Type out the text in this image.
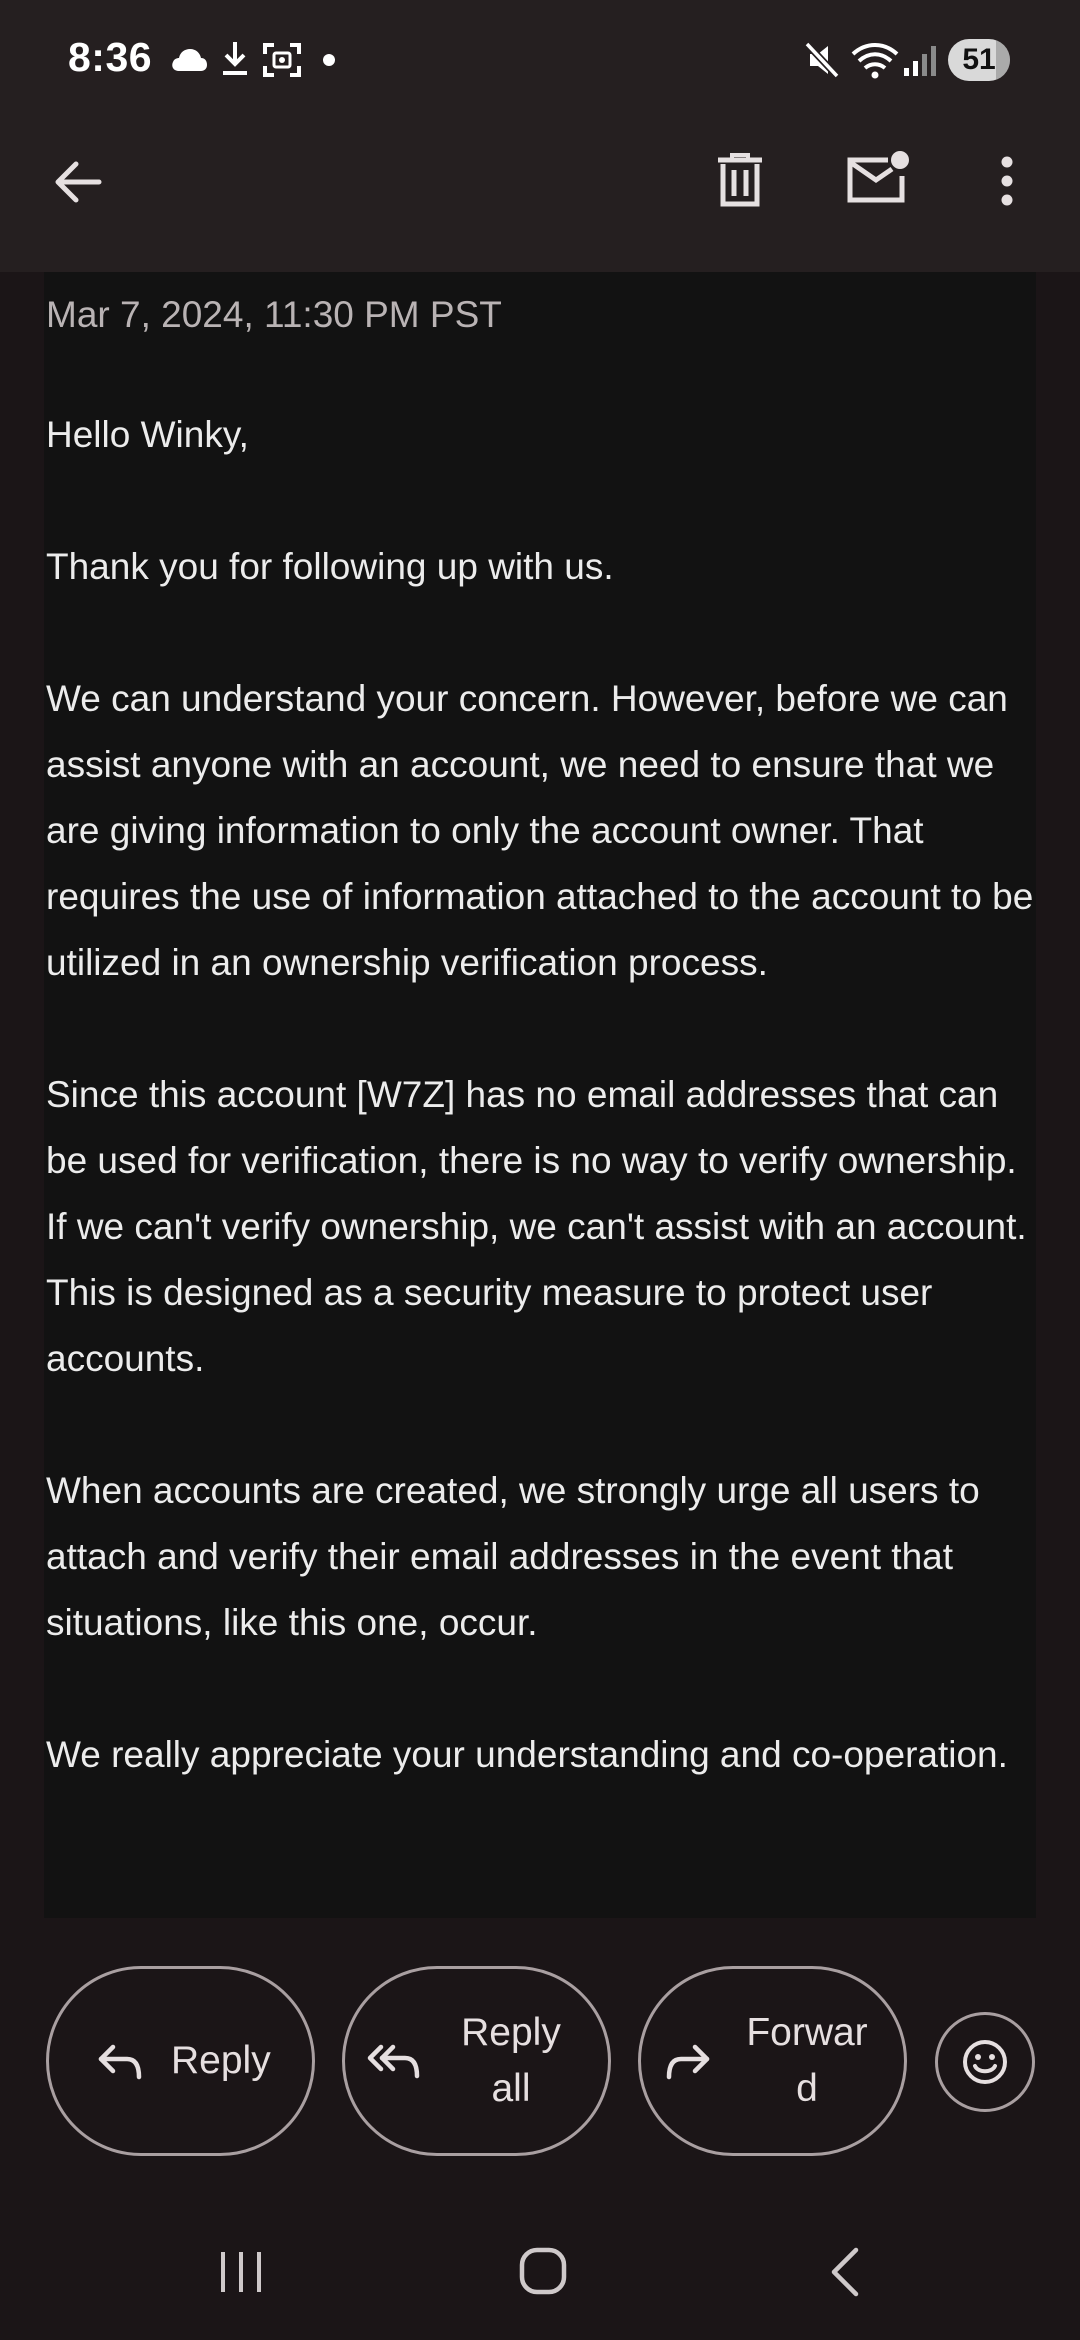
8:36	51
Mar 7, 2024, 11:30 PM PST

Hello Winky,

Thank you for following up with us.

We can understand your concern. However, before we can assist anyone with an account, we need to ensure that we are giving information to only the account owner. That requires the use of information attached to the account to be utilized in an ownership verification process.

Since this account [W7Z] has no email addresses that can be used for verification, there is no way to verify ownership. If we can't verify ownership, we can't assist with an account. This is designed as a security measure to protect user accounts.

When accounts are created, we strongly urge all users to attach and verify their email addresses in the event that situations, like this one, occur.

We really appreciate your understanding and co-operation.

Reply
Reply
all
Forwar
d
